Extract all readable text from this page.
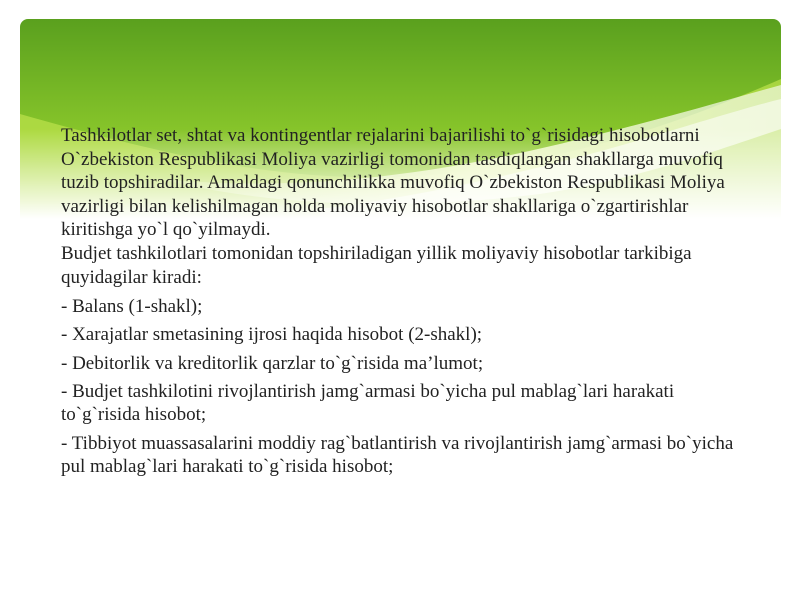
Tashkilotlar set, shtat va kontingentlar rejalarini bajarilishi to`g`risidagi hisobotlarni O`zbekiston Respublikasi Moliya vazirligi tomonidan tasdiqlangan shakllarga muvofiq tuzib topshiradilar. Amaldagi qonunchilikka muvofiq O`zbekiston Respublikasi Moliya vazirligi bilan kelishilmagan holda moliyaviy hisobotlar shakllariga o`zgartirishlar kiritishga yo`l qo`yilmaydi.

Budjet tashkilotlari tomonidan topshiriladigan yillik moliyaviy hisobotlar tarkibiga quyidagilar kiradi:

- Balans (1-shakl);
- Xarajatlar smetasining ijrosi haqida hisobot (2-shakl);
- Debitorlik va kreditorlik qarzlar to`g`risida ma’lumot;
- Budjet tashkilotini rivojlantirish jamg`armasi bo`yicha pul mablag`lari harakati to`g`risida hisobot;
- Tibbiyot muassasalarini moddiy rag`batlantirish va rivojlantirish jamg`armasi bo`yicha pul mablag`lari harakati to`g`risida hisobot;
